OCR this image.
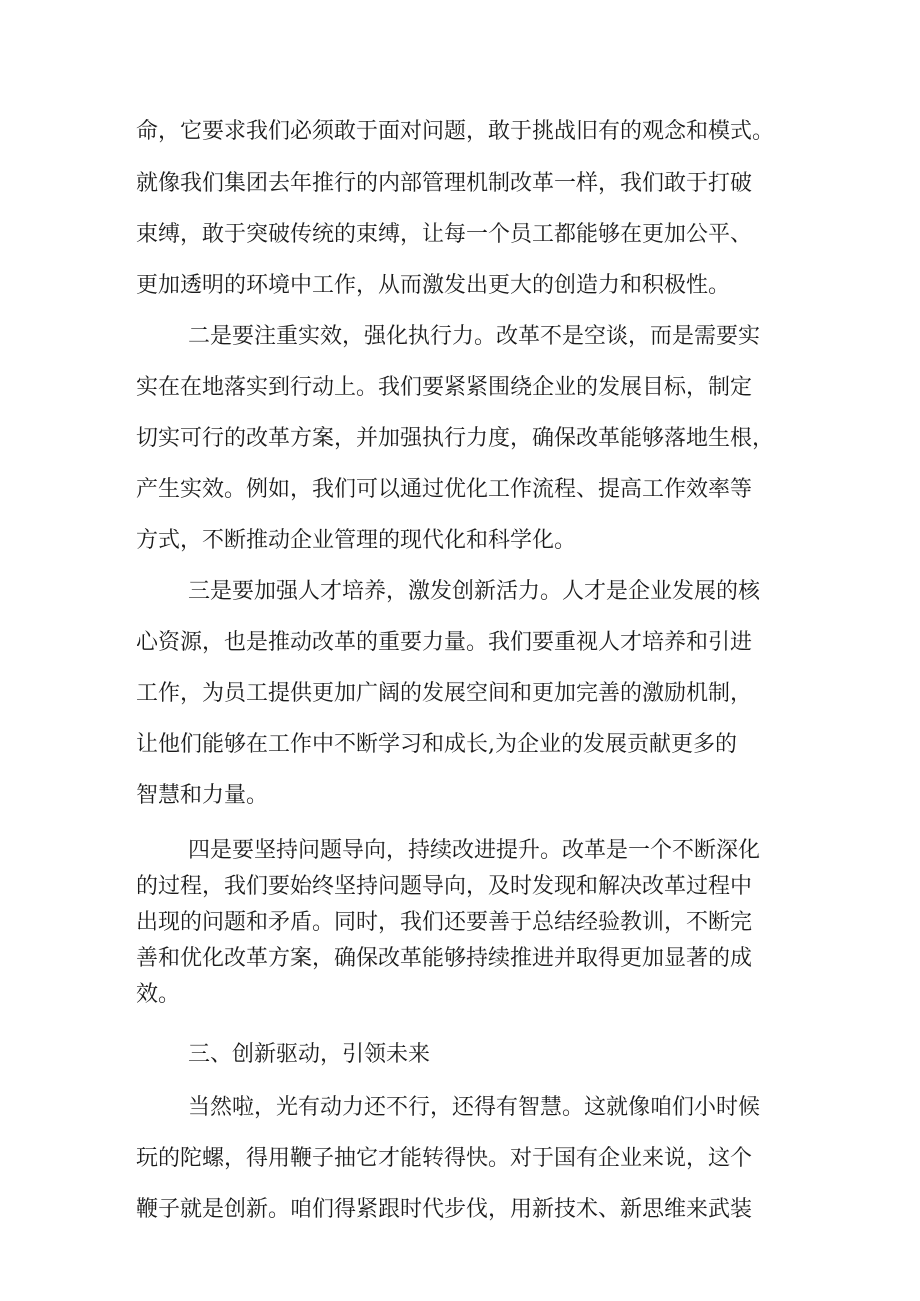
命，它要求我们必须敢于面对问题，敢于挑战旧有的观念和模式。
就像我们集团去年推行的内部管理机制改革一样，我们敢于打破
束缚，敢于突破传统的束缚，让每一个员工都能够在更加公平、
更加透明的环境中工作，从而激发出更大的创造力和积极性。
二是要注重实效，强化执行力。改革不是空谈，而是需要实
实在在地落实到行动上。我们要紧紧围绕企业的发展目标，制定
切实可行的改革方案，并加强执行力度，确保改革能够落地生根，
产生实效。例如，我们可以通过优化工作流程、提高工作效率等
方式，不断推动企业管理的现代化和科学化。
三是要加强人才培养，激发创新活力。人才是企业发展的核
心资源，也是推动改革的重要力量。我们要重视人才培养和引进
工作，为员工提供更加广阔的发展空间和更加完善的激励机制，
让他们能够在工作中不断学习和成长,为企业的发展贡献更多的
智慧和力量。
四是要坚持问题导向，持续改进提升。改革是一个不断深化
的过程，我们要始终坚持问题导向，及时发现和解决改革过程中
出现的问题和矛盾。同时，我们还要善于总结经验教训，不断完
善和优化改革方案，确保改革能够持续推进并取得更加显著的成
效。
三、创新驱动，引领未来
当然啦，光有动力还不行，还得有智慧。这就像咱们小时候
玩的陀螺，得用鞭子抽它才能转得快。对于国有企业来说，这个
鞭子就是创新。咱们得紧跟时代步伐，用新技术、新思维来武装
